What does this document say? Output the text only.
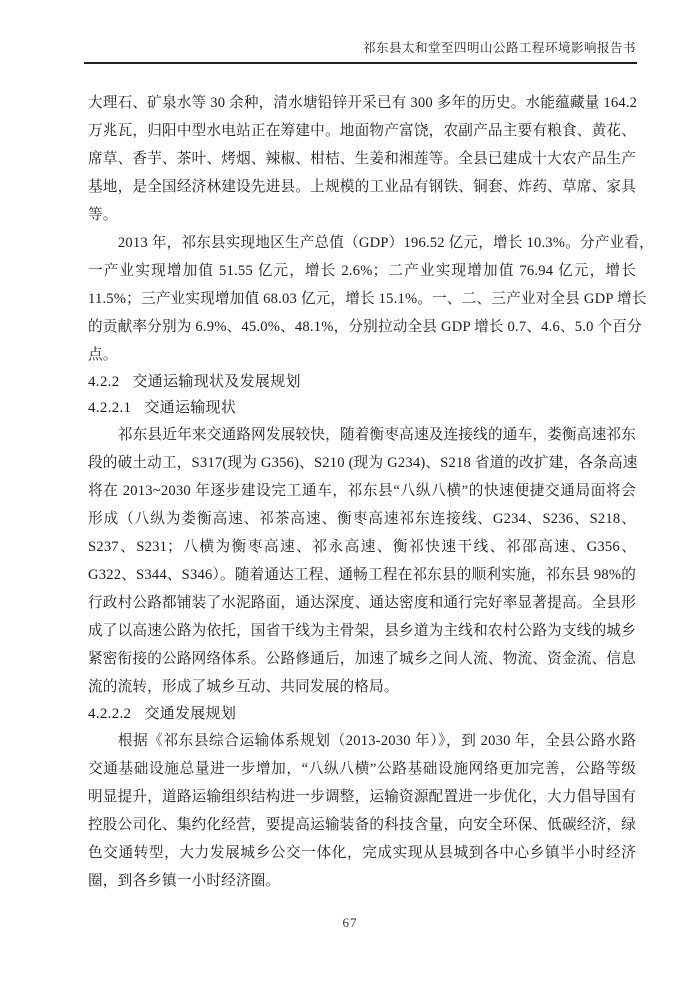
祁东县太和堂至四明山公路工程环境影响报告书
大理石、矿泉水等 30 余种，清水塘铅锌开采已有 300 多年的历史。水能蕴藏量 164.2
万兆瓦，归阳中型水电站正在筹建中。地面物产富饶，农副产品主要有粮食、黄花、
席草、香芋、茶叶、烤烟、辣椒、柑桔、生姜和湘莲等。全县已建成十大农产品生产
基地，是全国经济林建设先进县。上规模的工业品有钢铁、铜套、炸药、草席、家具
等。
2013 年，祁东县实现地区生产总值（GDP）196.52 亿元，增长 10.3%。分产业看，
一产业实现增加值 51.55 亿元，增长 2.6%；二产业实现增加值 76.94 亿元，增长
11.5%；三产业实现增加值 68.03 亿元，增长 15.1%。一、二、三产业对全县 GDP 增长
的贡献率分别为 6.9%、45.0%、48.1%，分别拉动全县 GDP 增长 0.7、4.6、5.0 个百分
点。
4.2.2 交通运输现状及发展规划
4.2.2.1 交通运输现状
祁东县近年来交通路网发展较快，随着衡枣高速及连接线的通车，娄衡高速祁东
段的破土动工，S317(现为 G356)、S210 (现为 G234)、S218 省道的改扩建，各条高速
将在 2013~2030 年逐步建设完工通车，祁东县“八纵八横”的快速便捷交通局面将会
形成（八纵为娄衡高速、祁茶高速、衡枣高速祁东连接线、G234、S236、S218、
S237、S231；八横为衡枣高速、祁永高速、衡祁快速干线、祁邵高速、G356、
G322、S344、S346）。随着通达工程、通畅工程在祁东县的顺利实施，祁东县 98%的
行政村公路都铺装了水泥路面，通达深度、通达密度和通行完好率显著提高。全县形
成了以高速公路为依托，国省干线为主骨架，县乡道为主线和农村公路为支线的城乡
紧密衔接的公路网络体系。公路修通后，加速了城乡之间人流、物流、资金流、信息
流的流转，形成了城乡互动、共同发展的格局。
4.2.2.2 交通发展规划
根据《祁东县综合运输体系规划（2013-2030 年）》，到 2030 年，全县公路水路
交通基础设施总量进一步增加，“八纵八横”公路基础设施网络更加完善，公路等级
明显提升，道路运输组织结构进一步调整，运输资源配置进一步优化，大力倡导国有
控股公司化、集约化经营，要提高运输装备的科技含量，向安全环保、低碳经济，绿
色交通转型，大力发展城乡公交一体化，完成实现从县城到各中心乡镇半小时经济
圈，到各乡镇一小时经济圈。
67
